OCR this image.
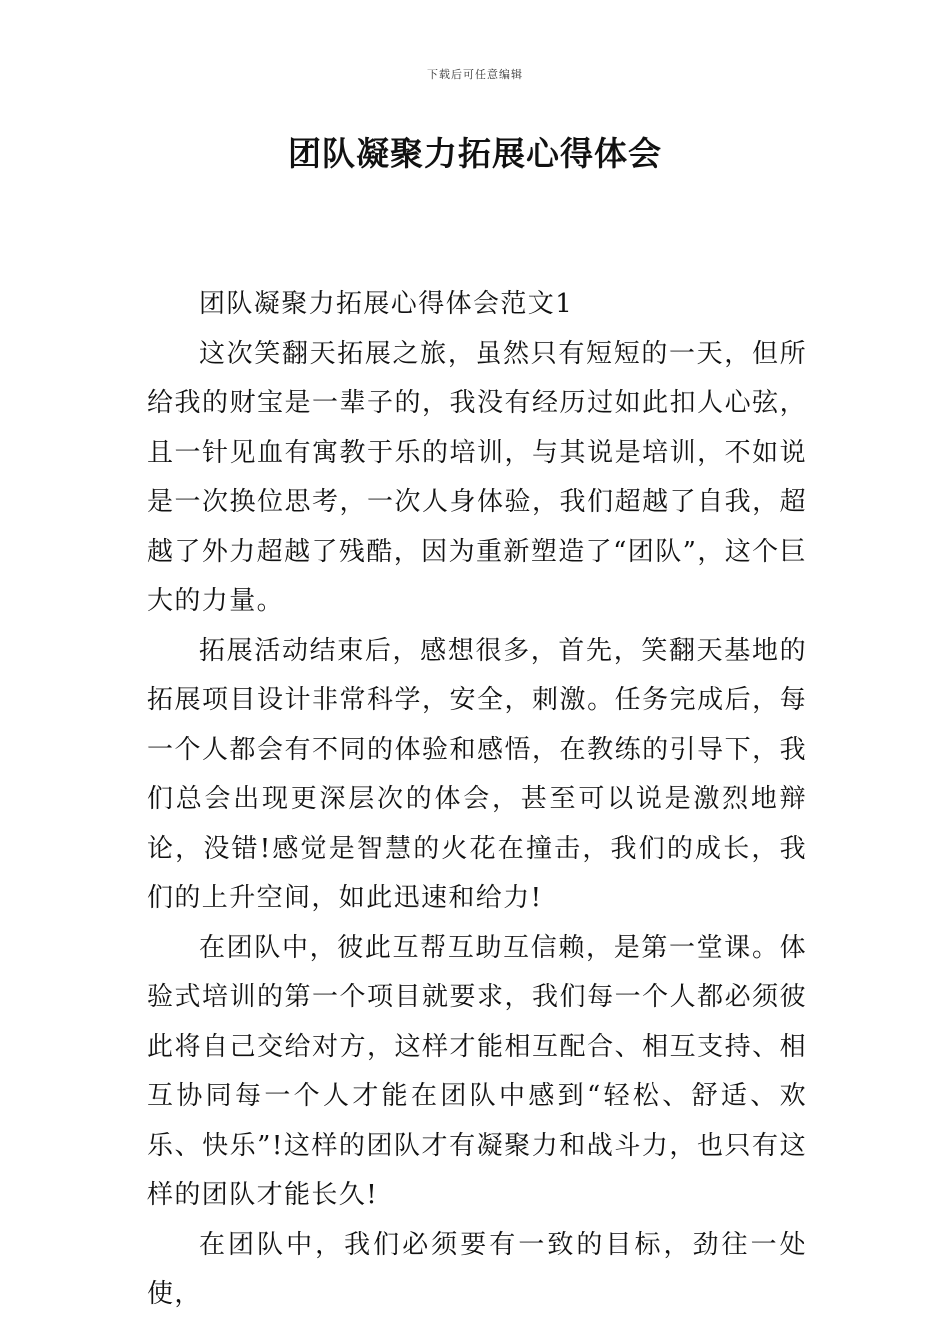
下载后可任意编辑
团队凝聚力拓展心得体会

团队凝聚力拓展心得体会范文1

这次笑翻天拓展之旅，虽然只有短短的一天，但所给我的财宝是一辈子的，我没有经历过如此扣人心弦，且一针见血有寓教于乐的培训，与其说是培训，不如说是一次换位思考，一次人身体验，我们超越了自我，超越了外力超越了残酷，因为重新塑造了“团队”，这个巨大的力量。

拓展活动结束后，感想很多，首先，笑翻天基地的拓展项目设计非常科学，安全，刺激。任务完成后，每一个人都会有不同的体验和感悟，在教练的引导下，我们总会出现更深层次的体会，甚至可以说是激烈地辩论，没错!感觉是智慧的火花在撞击，我们的成长，我们的上升空间，如此迅速和给力!

在团队中，彼此互帮互助互信赖，是第一堂课。体验式培训的第一个项目就要求，我们每一个人都必须彼此将自己交给对方，这样才能相互配合、相互支持、相互协同每一个人才能在团队中感到“轻松、舒适、欢乐、快乐”!这样的团队才有凝聚力和战斗力，也只有这样的团队才能长久!

在团队中，我们必须要有一致的目标，劲往一处使，
